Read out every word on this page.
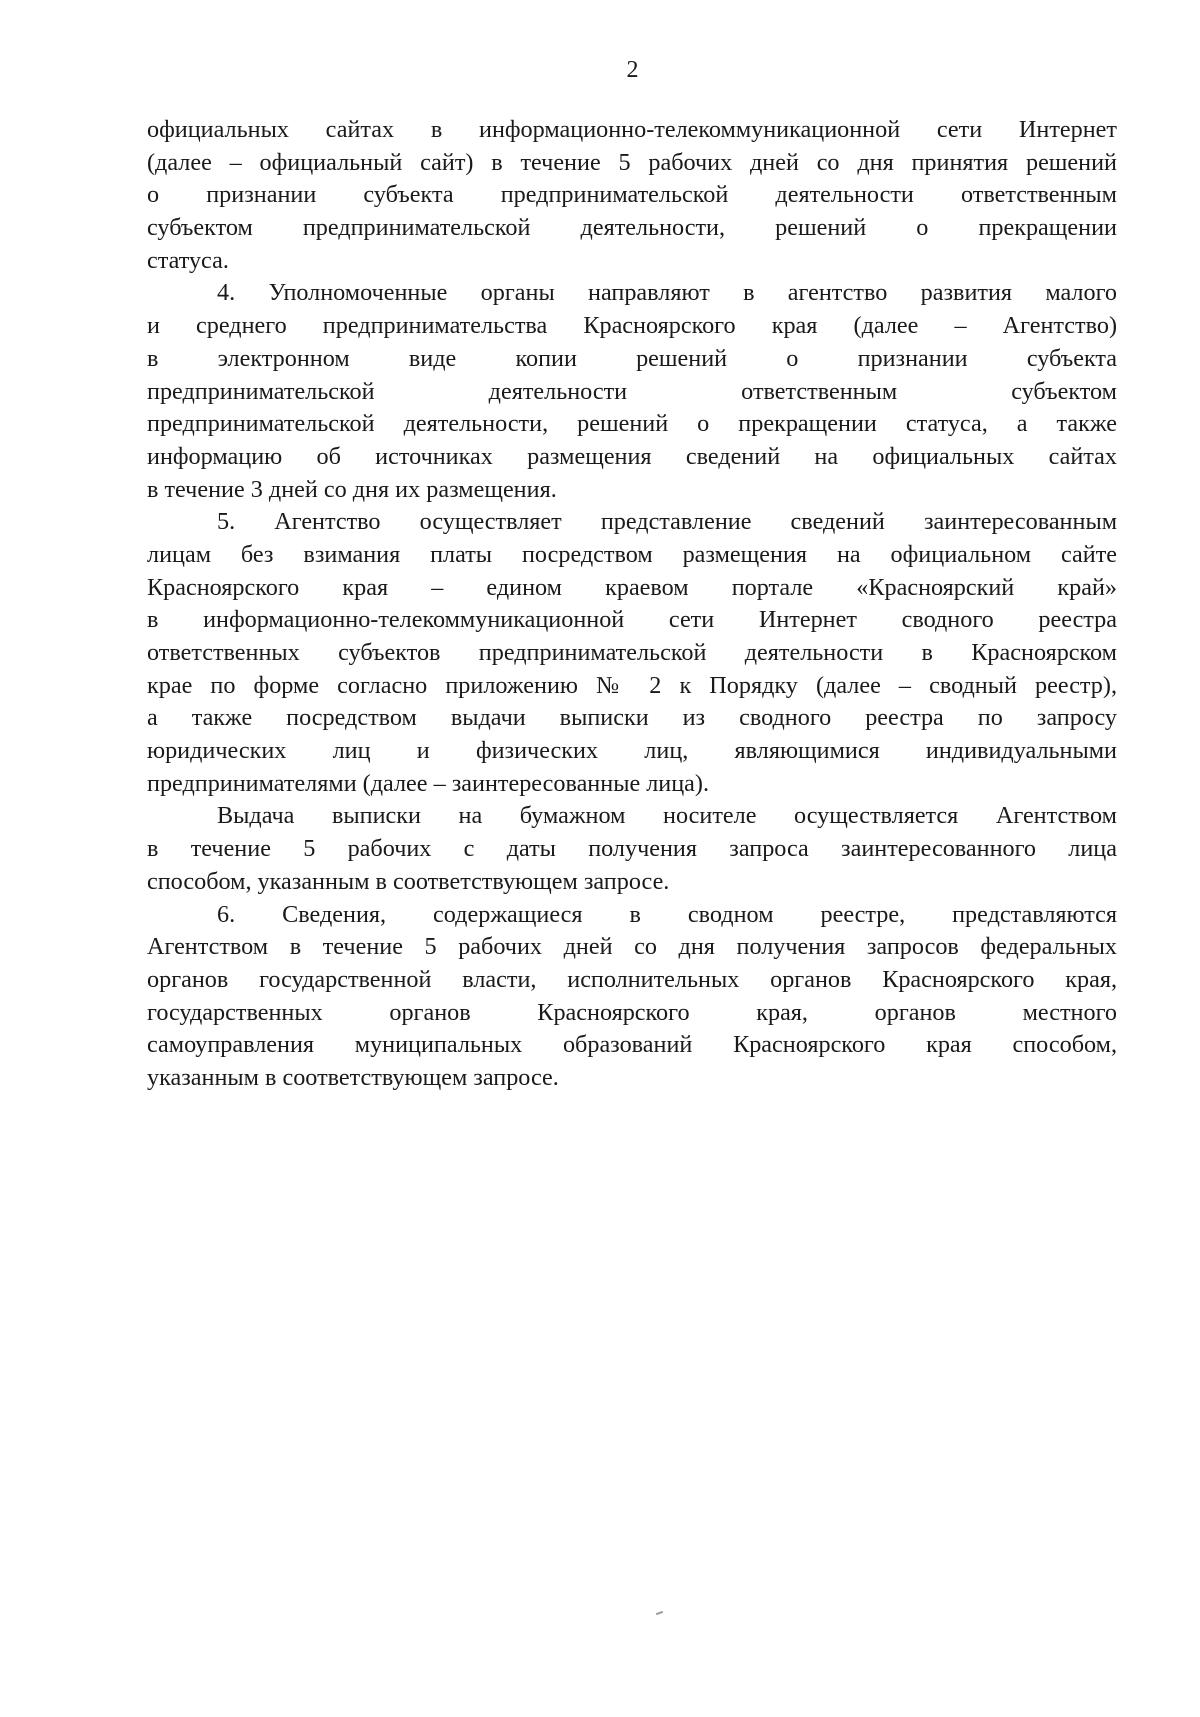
2
официальных сайтах в информационно-телекоммуникационной сети Интернет
(далее – официальный сайт) в течение 5 рабочих дней со дня принятия решений
о признании субъекта предпринимательской деятельности ответственным
субъектом предпринимательской деятельности, решений о прекращении
статуса.
4. Уполномоченные органы направляют в агентство развития малого
и среднего предпринимательства Красноярского края (далее – Агентство)
в электронном виде копии решений о признании субъекта
предпринимательской деятельности ответственным субъектом
предпринимательской деятельности, решений о прекращении статуса, а также
информацию об источниках размещения сведений на официальных сайтах
в течение 3 дней со дня их размещения.
5. Агентство осуществляет представление сведений заинтересованным
лицам без взимания платы посредством размещения на официальном сайте
Красноярского края – едином краевом портале «Красноярский край»
в информационно-телекоммуникационной сети Интернет сводного реестра
ответственных субъектов предпринимательской деятельности в Красноярском
крае по форме согласно приложению № 2 к Порядку (далее – сводный реестр),
а также посредством выдачи выписки из сводного реестра по запросу
юридических лиц и физических лиц, являющимися индивидуальными
предпринимателями (далее – заинтересованные лица).
Выдача выписки на бумажном носителе осуществляется Агентством
в течение 5 рабочих с даты получения запроса заинтересованного лица
способом, указанным в соответствующем запросе.
6. Сведения, содержащиеся в сводном реестре, представляются
Агентством в течение 5 рабочих дней со дня получения запросов федеральных
органов государственной власти, исполнительных органов Красноярского края,
государственных органов Красноярского края, органов местного
самоуправления муниципальных образований Красноярского края способом,
указанным в соответствующем запросе.
